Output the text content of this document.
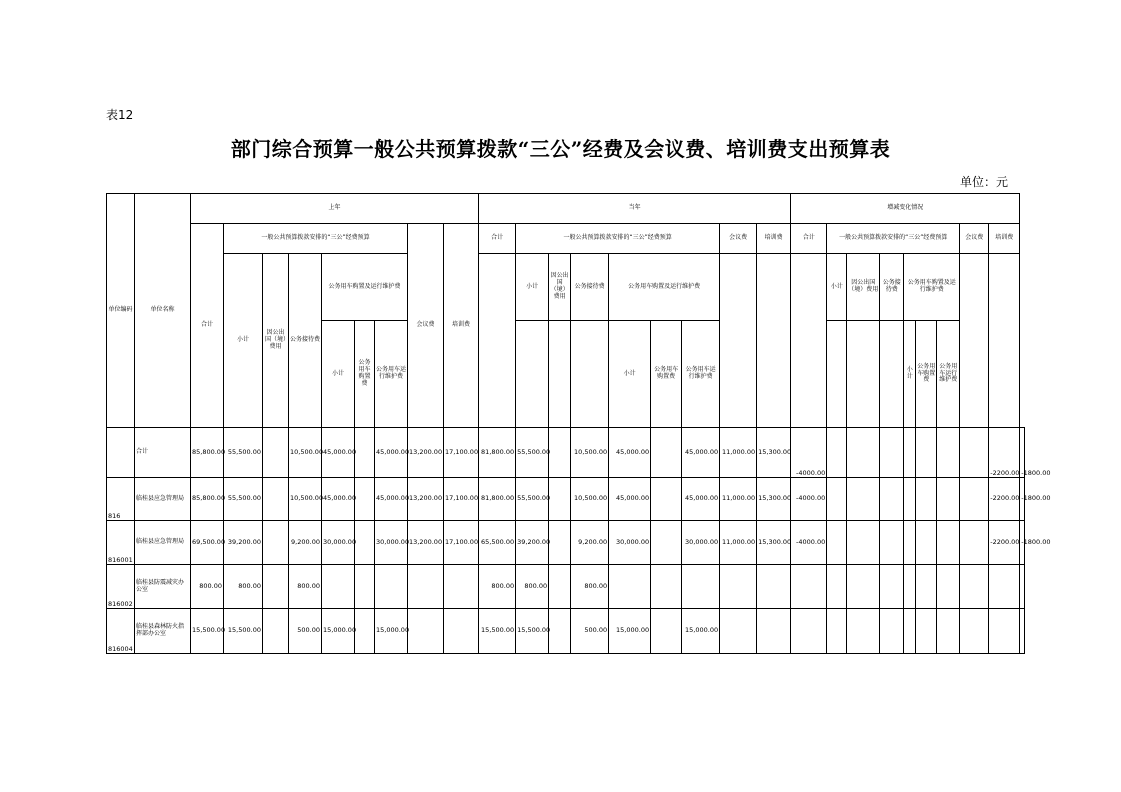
表12
部门综合预算一般公共预算拨款“三公”经费及会议费、培训费支出预算表
单位：元
单位编码	单位名称	上年									当年									增减变化情况									
		合计	一般公共预算拨款安排的“三公”经费预算						会议费	培训费	合计	一般公共预算拨款安排的“三公”经费预算						会议费	培训费	合计	一般公共预算拨款安排的“三公”经费预算						会议费	培训费	
			小计	因公出国（境）费用	公务接待费	公务用车购置及运行维护费						小计	因公出国（境）费用	公务接待费	公务用车购置及运行维护费						小计	因公出国（境）费用	公务接待费	公务用车购置及运行维护费					
						小计	公务用车购置费	公务用车运行维护费							小计	公务用车购置费	公务用车运行维护费							小计	公务用车购置费	公务用车运行维护费			
	合计	85,800.00	55,500.00		10,500.00	45,000.00		45,000.00	13,200.00	17,100.00	81,800.00	55,500.00		10,500.00	45,000.00		45,000.00	11,000.00	15,300.00	-4000.00								-2200.00	-1800.00
816	临桂县应急管理局	85,800.00	55,500.00		10,500.00	45,000.00		45,000.00	13,200.00	17,100.00	81,800.00	55,500.00		10,500.00	45,000.00		45,000.00	11,000.00	15,300.00	-4000.00								-2200.00	-1800.00
816001	临桂县应急管理局	69,500.00	39,200.00		9,200.00	30,000.00		30,000.00	13,200.00	17,100.00	65,500.00	39,200.00		9,200.00	30,000.00		30,000.00	11,000.00	15,300.00	-4000.00								-2200.00	-1800.00
816002	临桂县防震减灾办公室	800.00	800.00		800.00						800.00	800.00		800.00															
816004	临桂县森林防火指挥部办公室	15,500.00	15,500.00		500.00	15,000.00		15,000.00			15,500.00	15,500.00		500.00	15,000.00		15,000.00												
